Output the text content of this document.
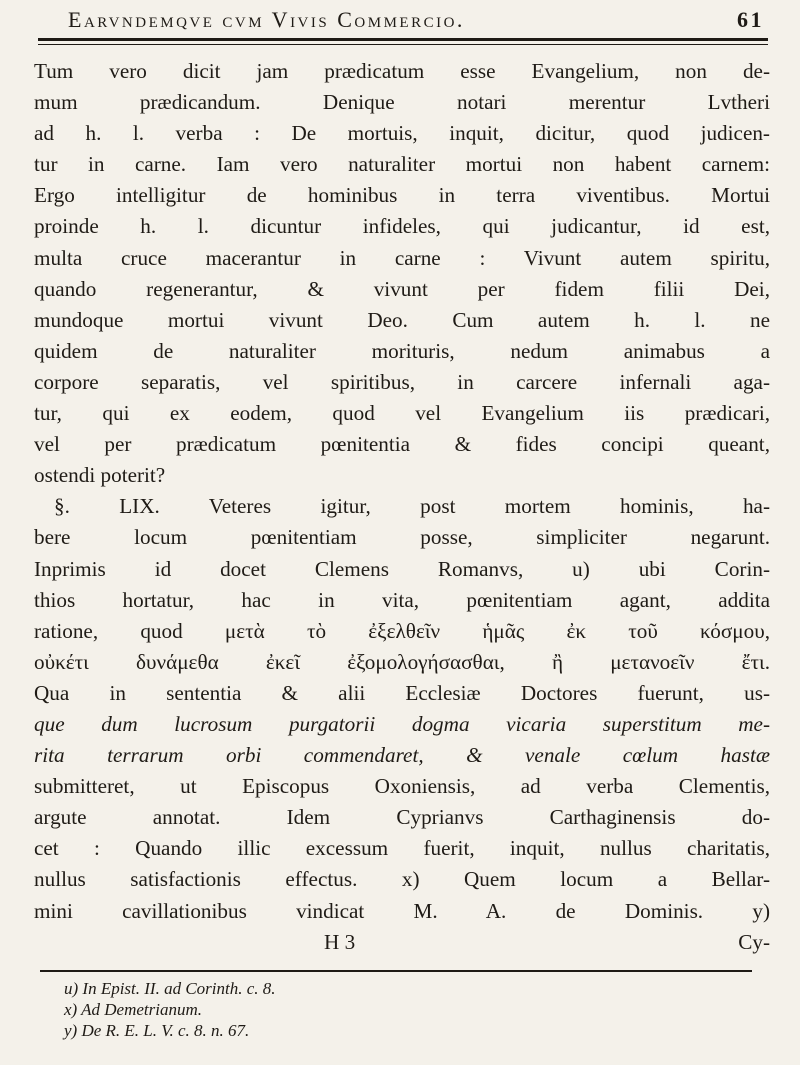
Earvndemqve cvm Vivis Commercio.	61
Tum vero dicit jam prædicatum esse Evangelium, non de-
mum prædicandum. Denique notari merentur Lvtheri
ad h. l. verba : De mortuis, inquit, dicitur, quod judicen-
tur in carne. Iam vero naturaliter mortui non habent carnem:
Ergo intelligitur de hominibus in terra viventibus. Mortui
proinde h. l. dicuntur infideles, qui judicantur, id est,
multa cruce macerantur in carne : Vivunt autem spiritu,
quando regenerantur, & vivunt per fidem filii Dei,
mundoque mortui vivunt Deo. Cum autem h. l. ne
quidem de naturaliter morituris, nedum animabus a
corpore separatis, vel spiritibus, in carcere infernali aga-
tur, qui ex eodem, quod vel Evangelium iis prædicari,
vel per prædicatum pœnitentia & fides concipi queant,
ostendi poterit?
§. LIX. Veteres igitur, post mortem hominis, ha-
bere locum pœnitentiam posse, simpliciter negarunt.
Inprimis id docet Clemens Romanvs, u) ubi Corin-
thios hortatur, hac in vita, pœnitentiam agant, addita
ratione, quod μετὰ τὸ ἐξελθεῖν ἡμᾶς ἐκ τοῦ κόσμου,
οὐκέτι δυνάμεθα ἐκεῖ ἐξομολογήσασθαι, ἢ μετανοεῖν ἔτι.
Qua in sententia & alii Ecclesiæ Doctores fuerunt, us-
que dum lucrosum purgatorii dogma vicaria superstitum me-
rita terrarum orbi commendaret, & venale cœlum hastæ
submitteret, ut Episcopus Oxoniensis, ad verba Clementis,
argute annotat. Idem Cyprianvs Carthaginensis do-
cet : Quando illic excessum fuerit, inquit, nullus charitatis,
nullus satisfactionis effectus. x) Quem locum a Bellar-
mini cavillationibus vindicat M. A. de Dominis. y)
H 3	Cy-
u) In Epist. II. ad Corinth. c. 8.
x) Ad Demetrianum.
y) De R. E. L. V. c. 8. n. 67.
